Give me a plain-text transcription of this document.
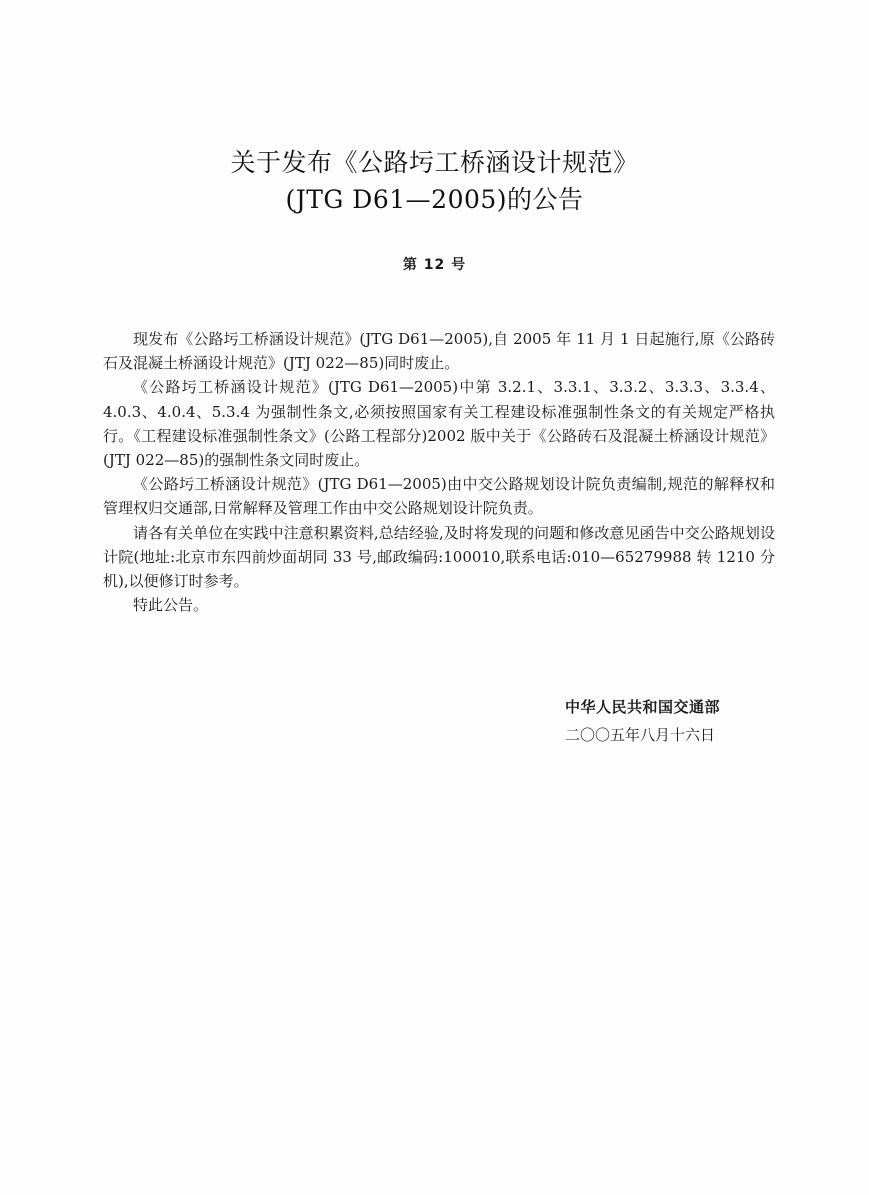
关于发布《公路圬工桥涵设计规范》
(JTG D61—2005)的公告
第 12 号

现发布《公路圬工桥涵设计规范》(JTG D61—2005),自 2005 年 11 月 1 日起施行,原《公路砖石及混凝土桥涵设计规范》(JTJ 022—85)同时废止。

《公路圬工桥涵设计规范》(JTG D61—2005)中第 3.2.1、3.3.1、3.3.2、3.3.3、3.3.4、4.0.3、4.0.4、5.3.4 为强制性条文,必须按照国家有关工程建设标准强制性条文的有关规定严格执行。《工程建设标准强制性条文》(公路工程部分)2002 版中关于《公路砖石及混凝土桥涵设计规范》(JTJ 022—85)的强制性条文同时废止。

《公路圬工桥涵设计规范》(JTG D61—2005)由中交公路规划设计院负责编制,规范的解释权和管理权归交通部,日常解释及管理工作由中交公路规划设计院负责。

请各有关单位在实践中注意积累资料,总结经验,及时将发现的问题和修改意见函告中交公路规划设计院(地址:北京市东四前炒面胡同 33 号,邮政编码:100010,联系电话:010—65279988 转 1210 分机),以便修订时参考。

特此公告。

中华人民共和国交通部
二〇〇五年八月十六日
